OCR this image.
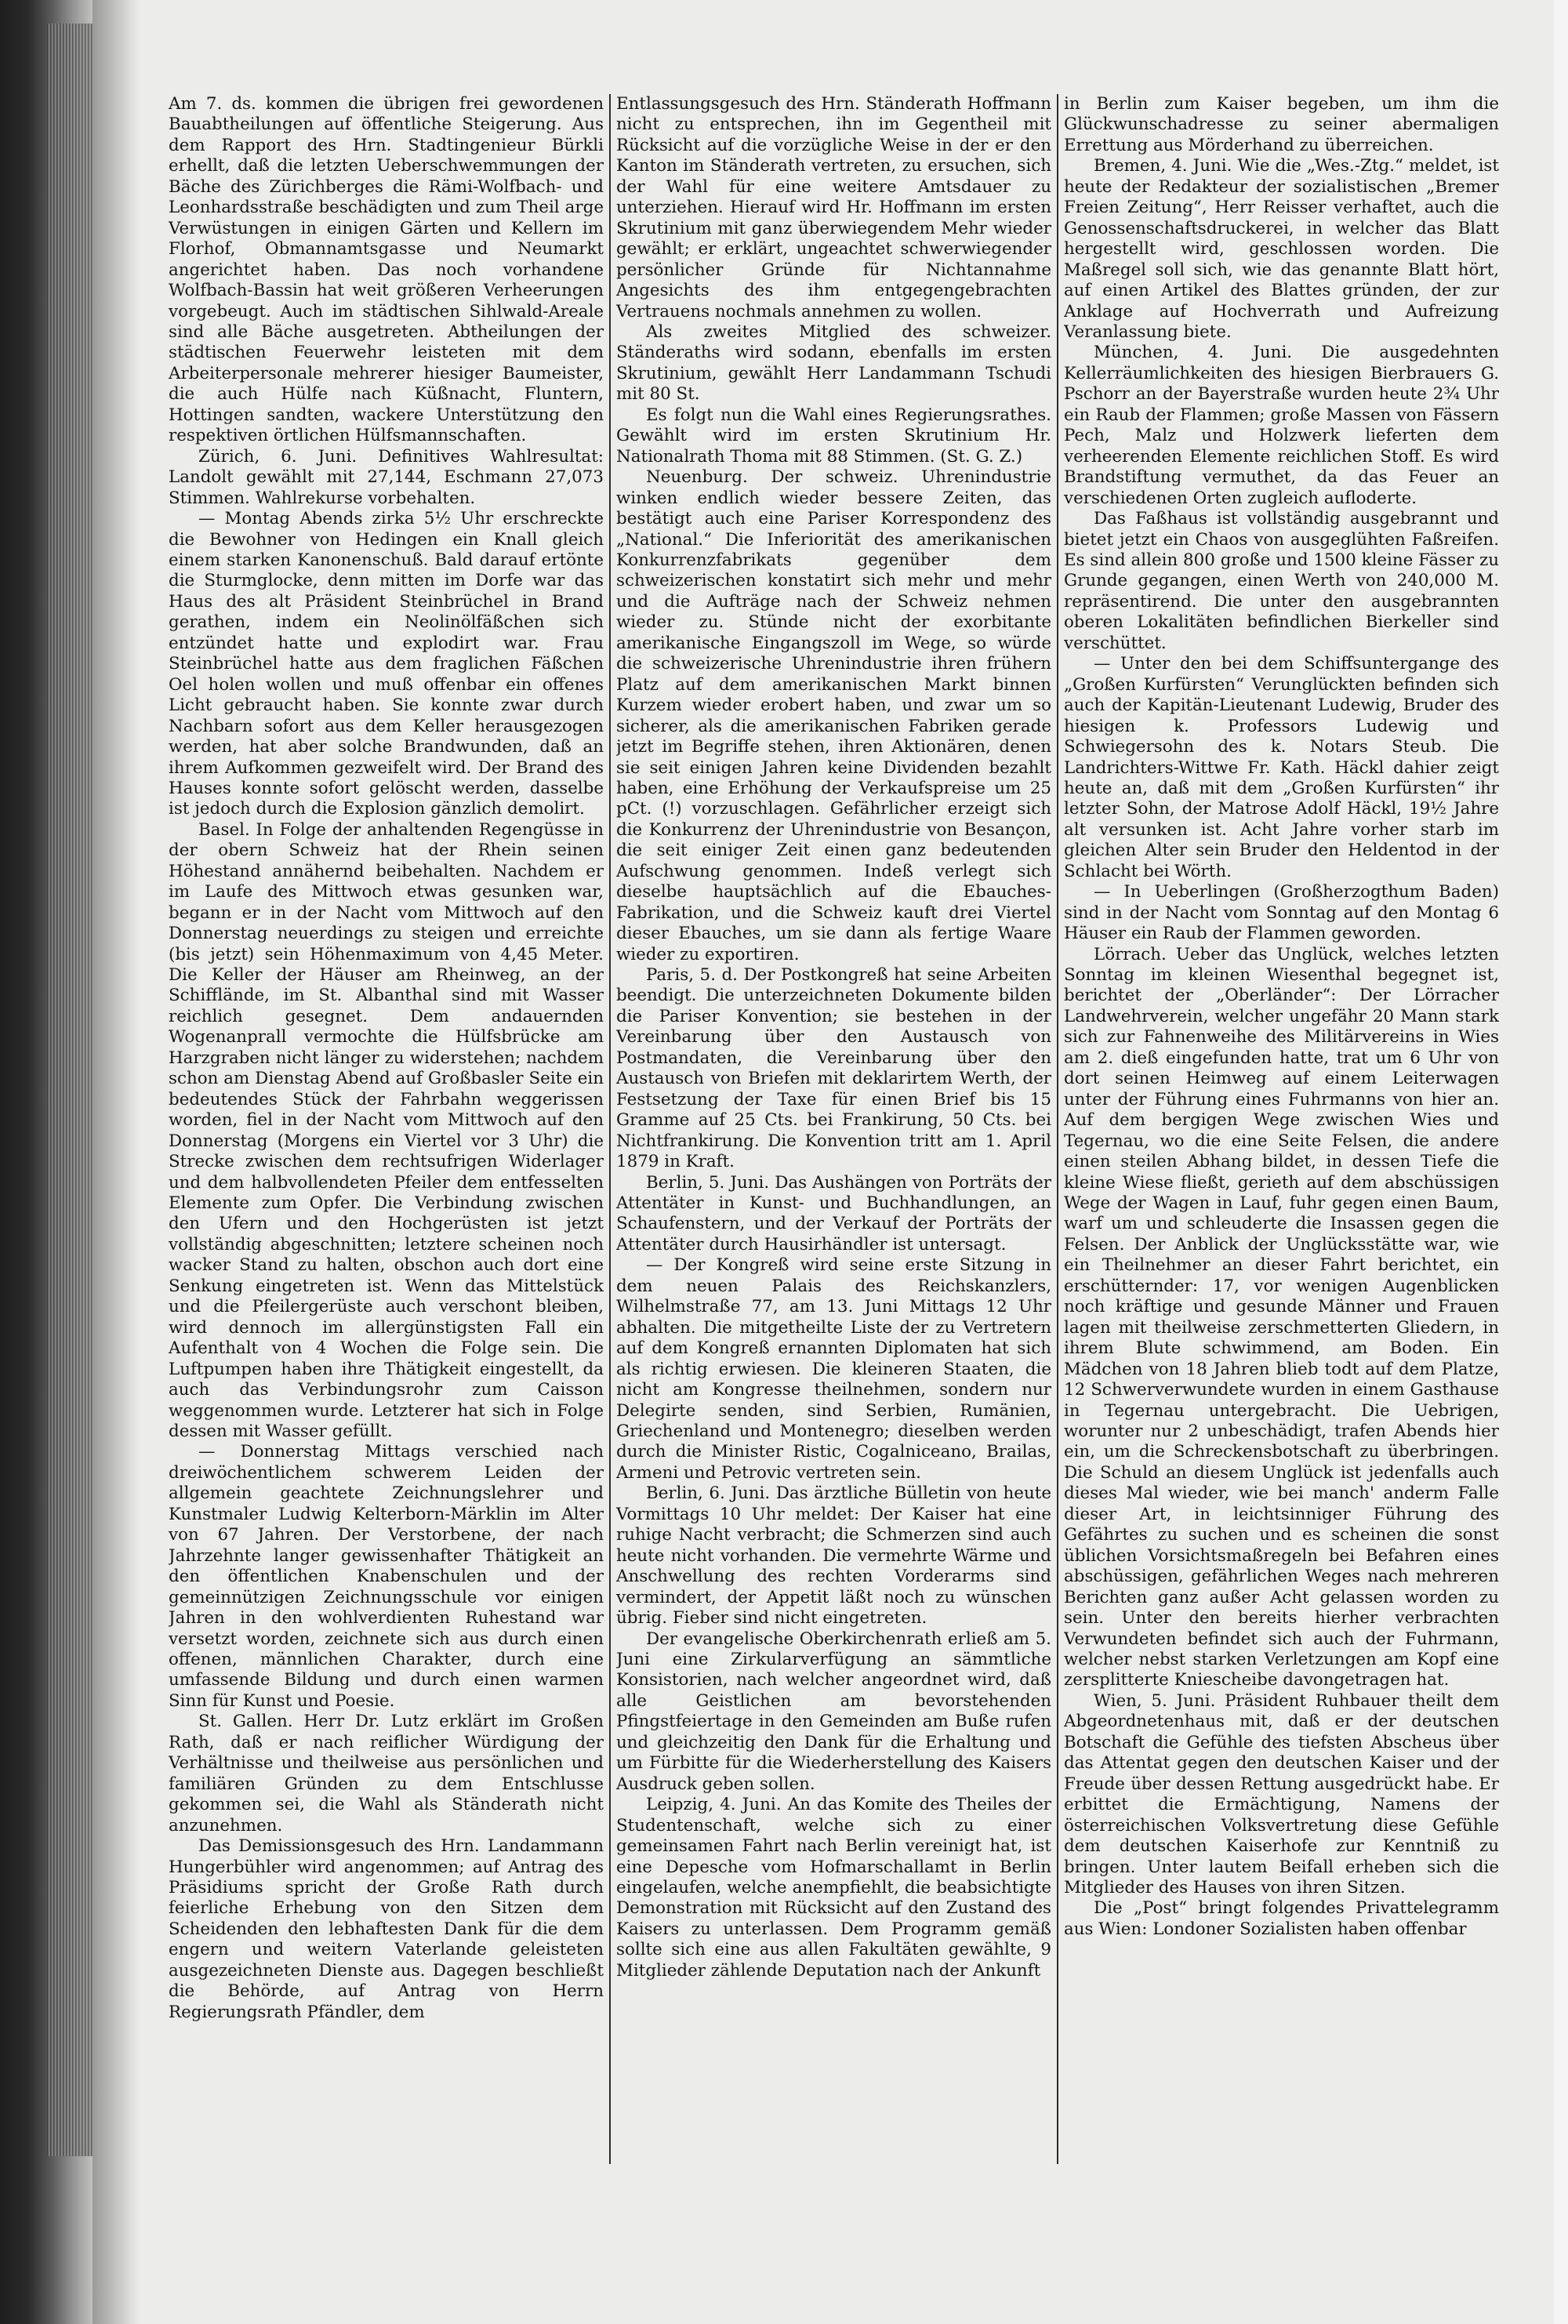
Am 7. ds. kommen die übrigen frei gewordenen Bauabtheilungen auf öffentliche Steigerung. Aus dem Rapport des Hrn. Stadtingenieur Bürkli erhellt, daß die letzten Ueberschwemmungen der Bäche des Zürichberges die Rämi-Wolfbach- und Leonhardsstraße beschädigten und zum Theil arge Verwüstungen in einigen Gärten und Kellern im Florhof, Obmannamtsgasse und Neumarkt angerichtet haben. Das noch vorhandene Wolfbach-Bassin hat weit größeren Verheerungen vorgebeugt. Auch im städtischen Sihlwald-Areale sind alle Bäche ausgetreten. Abtheilungen der städtischen Feuerwehr leisteten mit dem Arbeiterpersonale mehrerer hiesiger Baumeister, die auch Hülfe nach Küßnacht, Fluntern, Hottingen sandten, wackere Unterstützung den respektiven örtlichen Hülfsmannschaften.

Zürich, 6. Juni. Definitives Wahlresultat: Landolt gewählt mit 27,144, Eschmann 27,073 Stimmen. Wahlrekurse vorbehalten.

— Montag Abends zirka 5½ Uhr erschreckte die Bewohner von Hedingen ein Knall gleich einem starken Kanonenschuß. Bald darauf ertönte die Sturmglocke, denn mitten im Dorfe war das Haus des alt Präsident Steinbrüchel in Brand gerathen, indem ein Neolinölfäßchen sich entzündet hatte und explodirt war. Frau Steinbrüchel hatte aus dem fraglichen Fäßchen Oel holen wollen und muß offenbar ein offenes Licht gebraucht haben. Sie konnte zwar durch Nachbarn sofort aus dem Keller herausgezogen werden, hat aber solche Brandwunden, daß an ihrem Aufkommen gezweifelt wird. Der Brand des Hauses konnte sofort gelöscht werden, dasselbe ist jedoch durch die Explosion gänzlich demolirt.

Basel. In Folge der anhaltenden Regengüsse in der obern Schweiz hat der Rhein seinen Höhestand annähernd beibehalten. Nachdem er im Laufe des Mittwoch etwas gesunken war, begann er in der Nacht vom Mittwoch auf den Donnerstag neuerdings zu steigen und erreichte (bis jetzt) sein Höhenmaximum von 4,45 Meter. Die Keller der Häuser am Rheinweg, an der Schifflände, im St. Albanthal sind mit Wasser reichlich gesegnet. Dem andauernden Wogenanprall vermochte die Hülfsbrücke am Harzgraben nicht länger zu widerstehen; nachdem schon am Dienstag Abend auf Großbasler Seite ein bedeutendes Stück der Fahrbahn weggerissen worden, fiel in der Nacht vom Mittwoch auf den Donnerstag (Morgens ein Viertel vor 3 Uhr) die Strecke zwischen dem rechtsufrigen Widerlager und dem halbvollendeten Pfeiler dem entfesselten Elemente zum Opfer. Die Verbindung zwischen den Ufern und den Hochgerüsten ist jetzt vollständig abgeschnitten; letztere scheinen noch wacker Stand zu halten, obschon auch dort eine Senkung eingetreten ist. Wenn das Mittelstück und die Pfeilergerüste auch verschont bleiben, wird dennoch im allergünstigsten Fall ein Aufenthalt von 4 Wochen die Folge sein. Die Luftpumpen haben ihre Thätigkeit eingestellt, da auch das Verbindungsrohr zum Caisson weggenommen wurde. Letzterer hat sich in Folge dessen mit Wasser gefüllt.

— Donnerstag Mittags verschied nach dreiwöchentlichem schwerem Leiden der allgemein geachtete Zeichnungslehrer und Kunstmaler Ludwig Kelterborn-Märklin im Alter von 67 Jahren. Der Verstorbene, der nach Jahrzehnte langer gewissenhafter Thätigkeit an den öffentlichen Knabenschulen und der gemeinnützigen Zeichnungsschule vor einigen Jahren in den wohlverdienten Ruhestand war versetzt worden, zeichnete sich aus durch einen offenen, männlichen Charakter, durch eine umfassende Bildung und durch einen warmen Sinn für Kunst und Poesie.

St. Gallen. Herr Dr. Lutz erklärt im Großen Rath, daß er nach reiflicher Würdigung der Verhältnisse und theilweise aus persönlichen und familiären Gründen zu dem Entschlusse gekommen sei, die Wahl als Ständerath nicht anzunehmen.

Das Demissionsgesuch des Hrn. Landammann Hungerbühler wird angenommen; auf Antrag des Präsidiums spricht der Große Rath durch feierliche Erhebung von den Sitzen dem Scheidenden den lebhaftesten Dank für die dem engern und weitern Vaterlande geleisteten ausgezeichneten Dienste aus. Dagegen beschließt die Behörde, auf Antrag von Herrn Regierungsrath Pfändler, dem

Entlassungsgesuch des Hrn. Ständerath Hoffmann nicht zu entsprechen, ihn im Gegentheil mit Rücksicht auf die vorzügliche Weise in der er den Kanton im Ständerath vertreten, zu ersuchen, sich der Wahl für eine weitere Amtsdauer zu unterziehen. Hierauf wird Hr. Hoffmann im ersten Skrutinium mit ganz überwiegendem Mehr wieder gewählt; er erklärt, ungeachtet schwerwiegender persönlicher Gründe für Nichtannahme Angesichts des ihm entgegengebrachten Vertrauens nochmals annehmen zu wollen.

Als zweites Mitglied des schweizer. Ständeraths wird sodann, ebenfalls im ersten Skrutinium, gewählt Herr Landammann Tschudi mit 80 St.

Es folgt nun die Wahl eines Regierungsrathes. Gewählt wird im ersten Skrutinium Hr. Nationalrath Thoma mit 88 Stimmen. (St. G. Z.)

Neuenburg. Der schweiz. Uhrenindustrie winken endlich wieder bessere Zeiten, das bestätigt auch eine Pariser Korrespondenz des „National.“ Die Inferiorität des amerikanischen Konkurrenzfabrikats gegenüber dem schweizerischen konstatirt sich mehr und mehr und die Aufträge nach der Schweiz nehmen wieder zu. Stünde nicht der exorbitante amerikanische Eingangszoll im Wege, so würde die schweizerische Uhrenindustrie ihren frühern Platz auf dem amerikanischen Markt binnen Kurzem wieder erobert haben, und zwar um so sicherer, als die amerikanischen Fabriken gerade jetzt im Begriffe stehen, ihren Aktionären, denen sie seit einigen Jahren keine Dividenden bezahlt haben, eine Erhöhung der Verkaufspreise um 25 pCt. (!) vorzuschlagen. Gefährlicher erzeigt sich die Konkurrenz der Uhrenindustrie von Besançon, die seit einiger Zeit einen ganz bedeutenden Aufschwung genommen. Indeß verlegt sich dieselbe hauptsächlich auf die Ebauches-Fabrikation, und die Schweiz kauft drei Viertel dieser Ebauches, um sie dann als fertige Waare wieder zu exportiren.

Paris, 5. d. Der Postkongreß hat seine Arbeiten beendigt. Die unterzeichneten Dokumente bilden die Pariser Konvention; sie bestehen in der Vereinbarung über den Austausch von Postmandaten, die Vereinbarung über den Austausch von Briefen mit deklarirtem Werth, der Festsetzung der Taxe für einen Brief bis 15 Gramme auf 25 Cts. bei Frankirung, 50 Cts. bei Nichtfrankirung. Die Konvention tritt am 1. April 1879 in Kraft.

Berlin, 5. Juni. Das Aushängen von Porträts der Attentäter in Kunst- und Buchhandlungen, an Schaufenstern, und der Verkauf der Porträts der Attentäter durch Hausirhändler ist untersagt.

— Der Kongreß wird seine erste Sitzung in dem neuen Palais des Reichskanzlers, Wilhelmstraße 77, am 13. Juni Mittags 12 Uhr abhalten. Die mitgetheilte Liste der zu Vertretern auf dem Kongreß ernannten Diplomaten hat sich als richtig erwiesen. Die kleineren Staaten, die nicht am Kongresse theilnehmen, sondern nur Delegirte senden, sind Serbien, Rumänien, Griechenland und Montenegro; dieselben werden durch die Minister Ristic, Cogalniceano, Brailas, Armeni und Petrovic vertreten sein.

Berlin, 6. Juni. Das ärztliche Bülletin von heute Vormittags 10 Uhr meldet: Der Kaiser hat eine ruhige Nacht verbracht; die Schmerzen sind auch heute nicht vorhanden. Die vermehrte Wärme und Anschwellung des rechten Vorderarms sind vermindert, der Appetit läßt noch zu wünschen übrig. Fieber sind nicht eingetreten.

Der evangelische Oberkirchenrath erließ am 5. Juni eine Zirkularverfügung an sämmtliche Konsistorien, nach welcher angeordnet wird, daß alle Geistlichen am bevorstehenden Pfingstfeiertage in den Gemeinden am Buße rufen und gleichzeitig den Dank für die Erhaltung und um Fürbitte für die Wiederherstellung des Kaisers Ausdruck geben sollen.

Leipzig, 4. Juni. An das Komite des Theiles der Studentenschaft, welche sich zu einer gemeinsamen Fahrt nach Berlin vereinigt hat, ist eine Depesche vom Hofmarschallamt in Berlin eingelaufen, welche anempfiehlt, die beabsichtigte Demonstration mit Rücksicht auf den Zustand des Kaisers zu unterlassen. Dem Programm gemäß sollte sich eine aus allen Fakultäten gewählte, 9 Mitglieder zählende Deputation nach der Ankunft

in Berlin zum Kaiser begeben, um ihm die Glückwunschadresse zu seiner abermaligen Errettung aus Mörderhand zu überreichen.

Bremen, 4. Juni. Wie die „Wes.-Ztg.“ meldet, ist heute der Redakteur der sozialistischen „Bremer Freien Zeitung“, Herr Reisser verhaftet, auch die Genossenschaftsdruckerei, in welcher das Blatt hergestellt wird, geschlossen worden. Die Maßregel soll sich, wie das genannte Blatt hört, auf einen Artikel des Blattes gründen, der zur Anklage auf Hochverrath und Aufreizung Veranlassung biete.

München, 4. Juni. Die ausgedehnten Kellerräumlichkeiten des hiesigen Bierbrauers G. Pschorr an der Bayerstraße wurden heute 2¾ Uhr ein Raub der Flammen; große Massen von Fässern Pech, Malz und Holzwerk lieferten dem verheerenden Elemente reichlichen Stoff. Es wird Brandstiftung vermuthet, da das Feuer an verschiedenen Orten zugleich aufloderte.

Das Faßhaus ist vollständig ausgebrannt und bietet jetzt ein Chaos von ausgeglühten Faßreifen. Es sind allein 800 große und 1500 kleine Fässer zu Grunde gegangen, einen Werth von 240,000 M. repräsentirend. Die unter den ausgebrannten oberen Lokalitäten befindlichen Bierkeller sind verschüttet.

— Unter den bei dem Schiffsuntergange des „Großen Kurfürsten“ Verunglückten befinden sich auch der Kapitän-Lieutenant Ludewig, Bruder des hiesigen k. Professors Ludewig und Schwiegersohn des k. Notars Steub. Die Landrichters-Wittwe Fr. Kath. Häckl dahier zeigt heute an, daß mit dem „Großen Kurfürsten“ ihr letzter Sohn, der Matrose Adolf Häckl, 19½ Jahre alt versunken ist. Acht Jahre vorher starb im gleichen Alter sein Bruder den Heldentod in der Schlacht bei Wörth.

— In Ueberlingen (Großherzogthum Baden) sind in der Nacht vom Sonntag auf den Montag 6 Häuser ein Raub der Flammen geworden.

Lörrach. Ueber das Unglück, welches letzten Sonntag im kleinen Wiesenthal begegnet ist, berichtet der „Oberländer“: Der Lörracher Landwehrverein, welcher ungefähr 20 Mann stark sich zur Fahnenweihe des Militärvereins in Wies am 2. dieß eingefunden hatte, trat um 6 Uhr von dort seinen Heimweg auf einem Leiterwagen unter der Führung eines Fuhrmanns von hier an. Auf dem bergigen Wege zwischen Wies und Tegernau, wo die eine Seite Felsen, die andere einen steilen Abhang bildet, in dessen Tiefe die kleine Wiese fließt, gerieth auf dem abschüssigen Wege der Wagen in Lauf, fuhr gegen einen Baum, warf um und schleuderte die Insassen gegen die Felsen. Der Anblick der Unglücksstätte war, wie ein Theilnehmer an dieser Fahrt berichtet, ein erschütternder: 17, vor wenigen Augenblicken noch kräftige und gesunde Männer und Frauen lagen mit theilweise zerschmetterten Gliedern, in ihrem Blute schwimmend, am Boden. Ein Mädchen von 18 Jahren blieb todt auf dem Platze, 12 Schwerverwundete wurden in einem Gasthause in Tegernau untergebracht. Die Uebrigen, worunter nur 2 unbeschädigt, trafen Abends hier ein, um die Schreckensbotschaft zu überbringen. Die Schuld an diesem Unglück ist jedenfalls auch dieses Mal wieder, wie bei manch' anderm Falle dieser Art, in leichtsinniger Führung des Gefährtes zu suchen und es scheinen die sonst üblichen Vorsichtsmaßregeln bei Befahren eines abschüssigen, gefährlichen Weges nach mehreren Berichten ganz außer Acht gelassen worden zu sein. Unter den bereits hierher verbrachten Verwundeten befindet sich auch der Fuhrmann, welcher nebst starken Verletzungen am Kopf eine zersplitterte Kniescheibe davongetragen hat.

Wien, 5. Juni. Präsident Ruhbauer theilt dem Abgeordnetenhaus mit, daß er der deutschen Botschaft die Gefühle des tiefsten Abscheus über das Attentat gegen den deutschen Kaiser und der Freude über dessen Rettung ausgedrückt habe. Er erbittet die Ermächtigung, Namens der österreichischen Volksvertretung diese Gefühle dem deutschen Kaiserhofe zur Kenntniß zu bringen. Unter lautem Beifall erheben sich die Mitglieder des Hauses von ihren Sitzen.

Die „Post“ bringt folgendes Privattelegramm aus Wien: Londoner Sozialisten haben offenbar
